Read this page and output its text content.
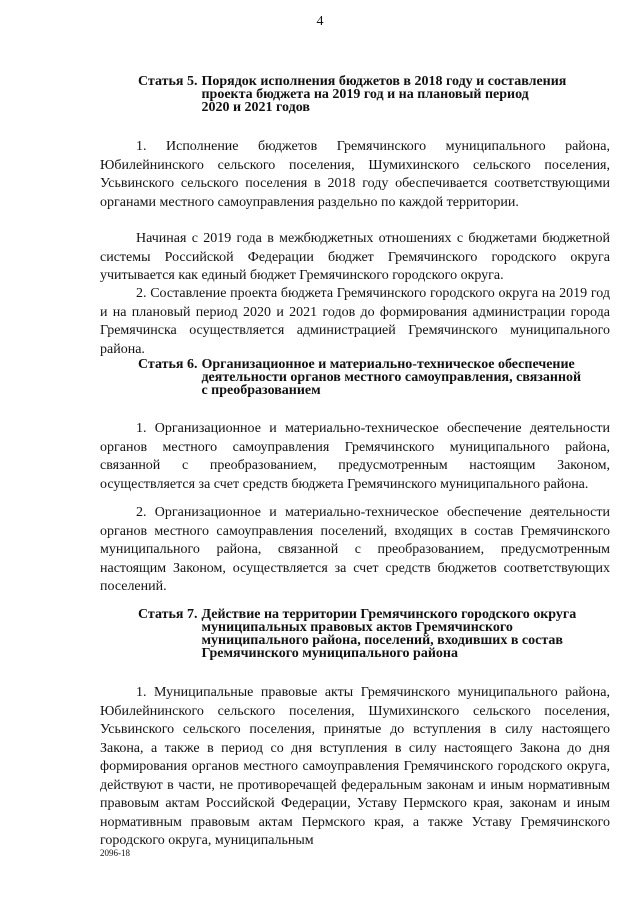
4
Статья 5. Порядок исполнения бюджетов в 2018 году и составления
проекта бюджета на 2019 год и на плановый период
2020 и 2021 годов

1. Исполнение бюджетов Гремячинского муниципального района, Юбилейнинского сельского поселения, Шумихинского сельского поселения, Усьвинского сельского поселения в 2018 году обеспечивается соответствующими органами местного самоуправления раздельно по каждой территории.

Начиная с 2019 года в межбюджетных отношениях с бюджетами бюджетной системы Российской Федерации бюджет Гремячинского городского округа учитывается как единый бюджет Гремячинского городского округа.

2. Составление проекта бюджета Гремячинского городского округа на 2019 год и на плановый период 2020 и 2021 годов до формирования администрации города Гремячинска осуществляется администрацией Гремячинского муниципального района.

Статья 6. Организационное и материально-техническое обеспечение
деятельности органов местного самоуправления, связанной
с преобразованием

1. Организационное и материально-техническое обеспечение деятельности органов местного самоуправления Гремячинского муниципального района, связанной с преобразованием, предусмотренным настоящим Законом, осуществляется за счет средств бюджета Гремячинского муниципального района.

2. Организационное и материально-техническое обеспечение деятельности органов местного самоуправления поселений, входящих в состав Гремячинского муниципального района, связанной с преобразованием, предусмотренным настоящим Законом, осуществляется за счет средств бюджетов соответствующих поселений.

Статья 7. Действие на территории Гремячинского городского округа
муниципальных правовых актов Гремячинского
муниципального района, поселений, входивших в состав
Гремячинского муниципального района

1. Муниципальные правовые акты Гремячинского муниципального района, Юбилейнинского сельского поселения, Шумихинского сельского поселения, Усьвинского сельского поселения, принятые до вступления в силу настоящего Закона, а также в период со дня вступления в силу настоящего Закона до дня формирования органов местного самоуправления Гремячинского городского округа, действуют в части, не противоречащей федеральным законам и иным нормативным правовым актам Российской Федерации, Уставу Пермского края, законам и иным нормативным правовым актам Пермского края, а также Уставу Гремячинского городского округа, муниципальным

2096-18
